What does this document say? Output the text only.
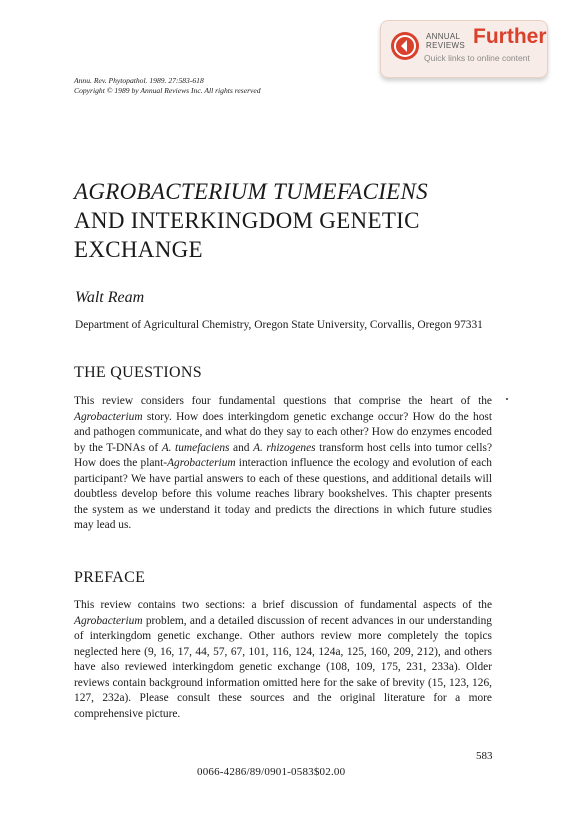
ANNUAL
REVIEWS Further
Quick links to online content
Annu. Rev. Phytopathol. 1989. 27:583-618
Copyright © 1989 by Annual Reviews Inc. All rights reserved
AGROBACTERIUM TUMEFACIENS
AND INTERKINGDOM GENETIC
EXCHANGE
Walt Ream
Department of Agricultural Chemistry, Oregon State University, Corvallis, Oregon 97331
THE QUESTIONS
This review considers four fundamental questions that comprise the heart of the Agrobacterium story. How does interkingdom genetic exchange occur? How do the host and pathogen communicate, and what do they say to each other? How do enzymes encoded by the T-DNAs of A. tumefaciens and A. rhizogenes transform host cells into tumor cells? How does the plant-Agrobacterium interaction influence the ecology and evolution of each participant? We have partial answers to each of these questions, and additional details will doubtless develop before this volume reaches library bookshelves. This chapter presents the system as we understand it today and predicts the directions in which future studies may lead us.
PREFACE
This review contains two sections: a brief discussion of fundamental aspects of the Agrobacterium problem, and a detailed discussion of recent advances in our understanding of interkingdom genetic exchange. Other authors review more completely the topics neglected here (9, 16, 17, 44, 57, 67, 101, 116, 124, 124a, 125, 160, 209, 212), and others have also reviewed interkingdom genetic exchange (108, 109, 175, 231, 233a). Older reviews contain background information omitted here for the sake of brevity (15, 123, 126, 127, 232a). Please consult these sources and the original literature for a more comprehensive picture.
583
0066-4286/89/0901-0583$02.00
